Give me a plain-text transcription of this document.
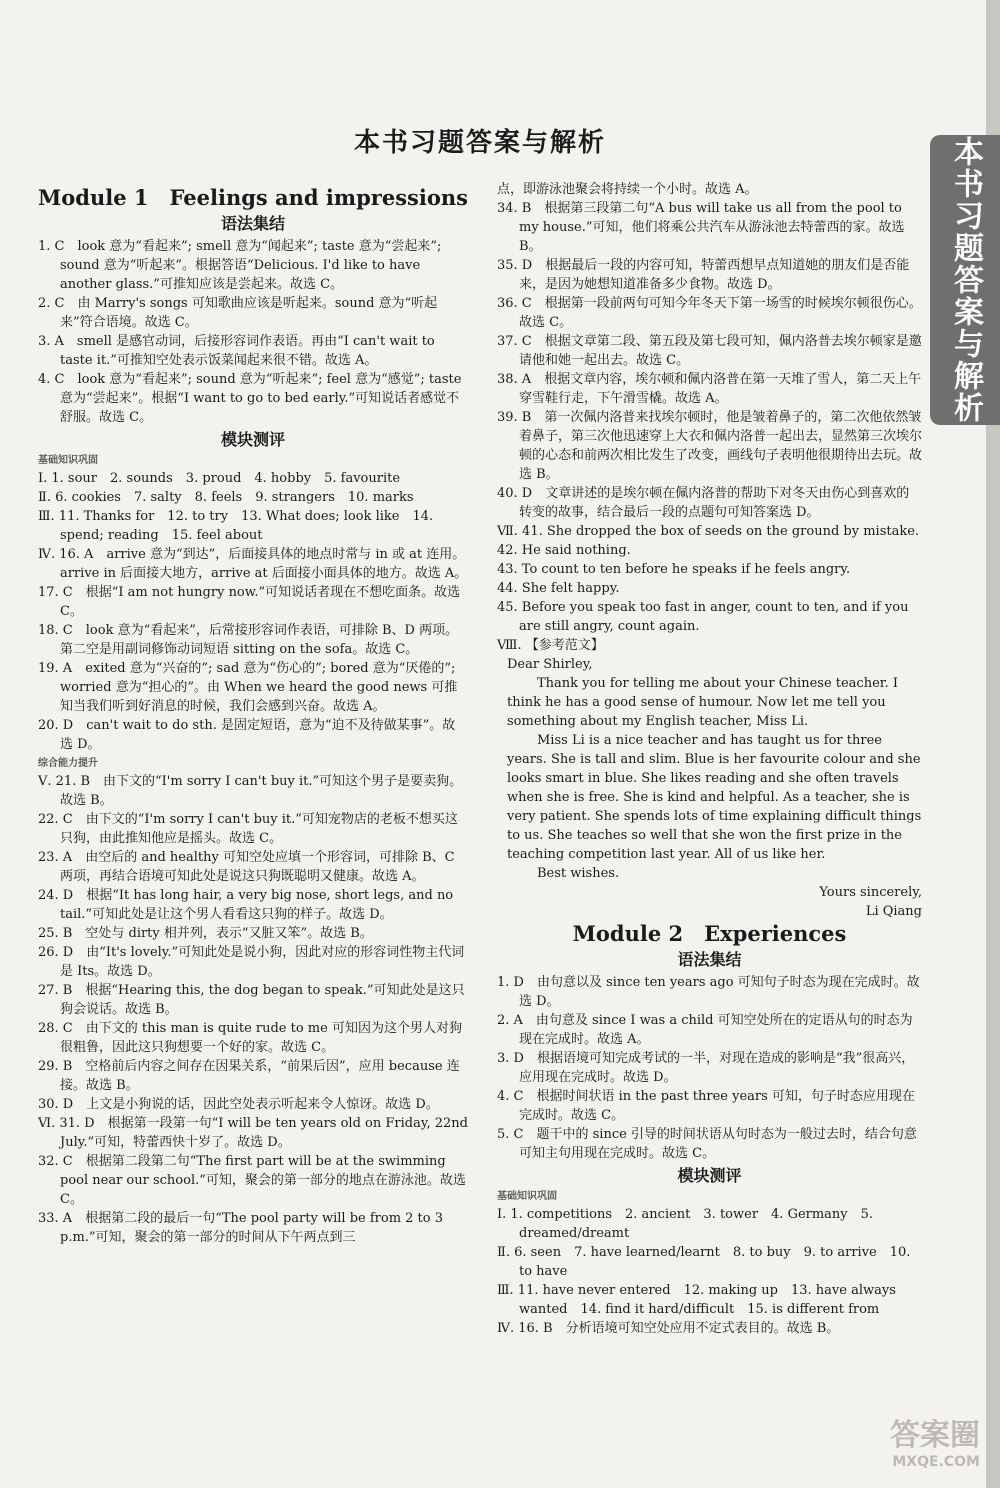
本书习题答案与解析
本书习题答案与解析
Module 1　Feelings and impressions
语法集结

1. C　look 意为“看起来”; smell 意为“闻起来”; taste 意为“尝起来”; sound 意为“听起来”。根据答语“Delicious. I'd like to have another glass.”可推知应该是尝起来。故选 C。

2. C　由 Marry's songs 可知歌曲应该是听起来。sound 意为“听起来”符合语境。故选 C。

3. A　smell 是感官动词，后接形容词作表语。再由“I can't wait to taste it.”可推知空处表示饭菜闻起来很不错。故选 A。

4. C　look 意为“看起来”; sound 意为“听起来”; feel 意为“感觉”; taste 意为“尝起来”。根据“I want to go to bed early.”可知说话者感觉不舒服。故选 C。

模块测评

基础知识巩固

Ⅰ. 1. sour　2. sounds　3. proud　4. hobby　5. favourite

Ⅱ. 6. cookies　7. salty　8. feels　9. strangers　10. marks

Ⅲ. 11. Thanks for　12. to try　13. What does; look like　14. spend; reading　15. feel about

Ⅳ. 16. A　arrive 意为“到达”，后面接具体的地点时常与 in 或 at 连用。arrive in 后面接大地方，arrive at 后面接小面具体的地方。故选 A。

17. C　根据“I am not hungry now.”可知说话者现在不想吃面条。故选 C。

18. C　look 意为“看起来”，后常接形容词作表语，可排除 B、D 两项。第二空是用副词修饰动词短语 sitting on the sofa。故选 C。

19. A　exited 意为“兴奋的”; sad 意为“伤心的”; bored 意为“厌倦的”; worried 意为“担心的”。由 When we heard the good news 可推知当我们听到好消息的时候，我们会感到兴奋。故选 A。

20. D　can't wait to do sth. 是固定短语，意为“迫不及待做某事”。故选 D。

综合能力提升

Ⅴ. 21. B　由下文的“I'm sorry I can't buy it.”可知这个男子是要卖狗。故选 B。

22. C　由下文的“I'm sorry I can't buy it.”可知宠物店的老板不想买这只狗，由此推知他应是摇头。故选 C。

23. A　由空后的 and healthy 可知空处应填一个形容词，可排除 B、C 两项，再结合语境可知此处是说这只狗既聪明又健康。故选 A。

24. D　根据“It has long hair, a very big nose, short legs, and no tail.”可知此处是让这个男人看看这只狗的样子。故选 D。

25. B　空处与 dirty 相并列，表示“又脏又笨”。故选 B。

26. D　由“It's lovely.”可知此处是说小狗，因此对应的形容词性物主代词是 Its。故选 D。

27. B　根据“Hearing this, the dog began to speak.”可知此处是这只狗会说话。故选 B。

28. C　由下文的 this man is quite rude to me 可知因为这个男人对狗很粗鲁，因此这只狗想要一个好的家。故选 C。

29. B　空格前后内容之间存在因果关系，“前果后因”，应用 because 连接。故选 B。

30. D　上文是小狗说的话，因此空处表示听起来令人惊讶。故选 D。

Ⅵ. 31. D　根据第一段第一句“I will be ten years old on Friday, 22nd July.”可知，特蕾西快十岁了。故选 D。

32. C　根据第二段第二句“The first part will be at the swimming pool near our school.”可知，聚会的第一部分的地点在游泳池。故选 C。

33. A　根据第二段的最后一句“The pool party will be from 2 to 3 p.m.”可知，聚会的第一部分的时间从下午两点到三

点，即游泳池聚会将持续一个小时。故选 A。

34. B　根据第三段第二句“A bus will take us all from the pool to my house.”可知，他们将乘公共汽车从游泳池去特蕾西的家。故选 B。

35. D　根据最后一段的内容可知，特蕾西想早点知道她的朋友们是否能来，是因为她想知道准备多少食物。故选 D。

36. C　根据第一段前两句可知今年冬天下第一场雪的时候埃尔顿很伤心。故选 C。

37. C　根据文章第二段、第五段及第七段可知，佩内洛普去埃尔顿家是邀请他和她一起出去。故选 C。

38. A　根据文章内容，埃尔顿和佩内洛普在第一天堆了雪人，第二天上午穿雪鞋行走，下午滑雪橇。故选 A。

39. B　第一次佩内洛普来找埃尔顿时，他是皱着鼻子的，第二次他依然皱着鼻子，第三次他迅速穿上大衣和佩内洛普一起出去，显然第三次埃尔顿的心态和前两次相比发生了改变，画线句子表明他很期待出去玩。故选 B。

40. D　文章讲述的是埃尔顿在佩内洛普的帮助下对冬天由伤心到喜欢的转变的故事，结合最后一段的点题句可知答案选 D。

Ⅶ. 41. She dropped the box of seeds on the ground by mistake.

42. He said nothing.

43. To count to ten before he speaks if he feels angry.

44. She felt happy.

45. Before you speak too fast in anger, count to ten, and if you are still angry, count again.

Ⅷ. 【参考范文】

Dear Shirley,

Thank you for telling me about your Chinese teacher. I think he has a good sense of humour. Now let me tell you something about my English teacher, Miss Li.

Miss Li is a nice teacher and has taught us for three years. She is tall and slim. Blue is her favourite colour and she looks smart in blue. She likes reading and she often travels when she is free. She is kind and helpful. As a teacher, she is very patient. She spends lots of time explaining difficult things to us. She teaches so well that she won the first prize in the teaching competition last year. All of us like her.

Best wishes.

Yours sincerely,

Li Qiang

Module 2　Experiences
语法集结

1. D　由句意以及 since ten years ago 可知句子时态为现在完成时。故选 D。

2. A　由句意及 since I was a child 可知空处所在的定语从句的时态为现在完成时。故选 A。

3. D　根据语境可知完成考试的一半，对现在造成的影响是“我”很高兴，应用现在完成时。故选 D。

4. C　根据时间状语 in the past three years 可知，句子时态应用现在完成时。故选 C。

5. C　题干中的 since 引导的时间状语从句时态为一般过去时，结合句意可知主句用现在完成时。故选 C。

模块测评

基础知识巩固

Ⅰ. 1. competitions　2. ancient　3. tower　4. Germany　5. dreamed/dreamt

Ⅱ. 6. seen　7. have learned/learnt　8. to buy　9. to arrive　10. to have

Ⅲ. 11. have never entered　12. making up　13. have always wanted　14. find it hard/difficult　15. is different from

Ⅳ. 16. B　分析语境可知空处应用不定式表目的。故选 B。

答案圈
MXQE.COM
